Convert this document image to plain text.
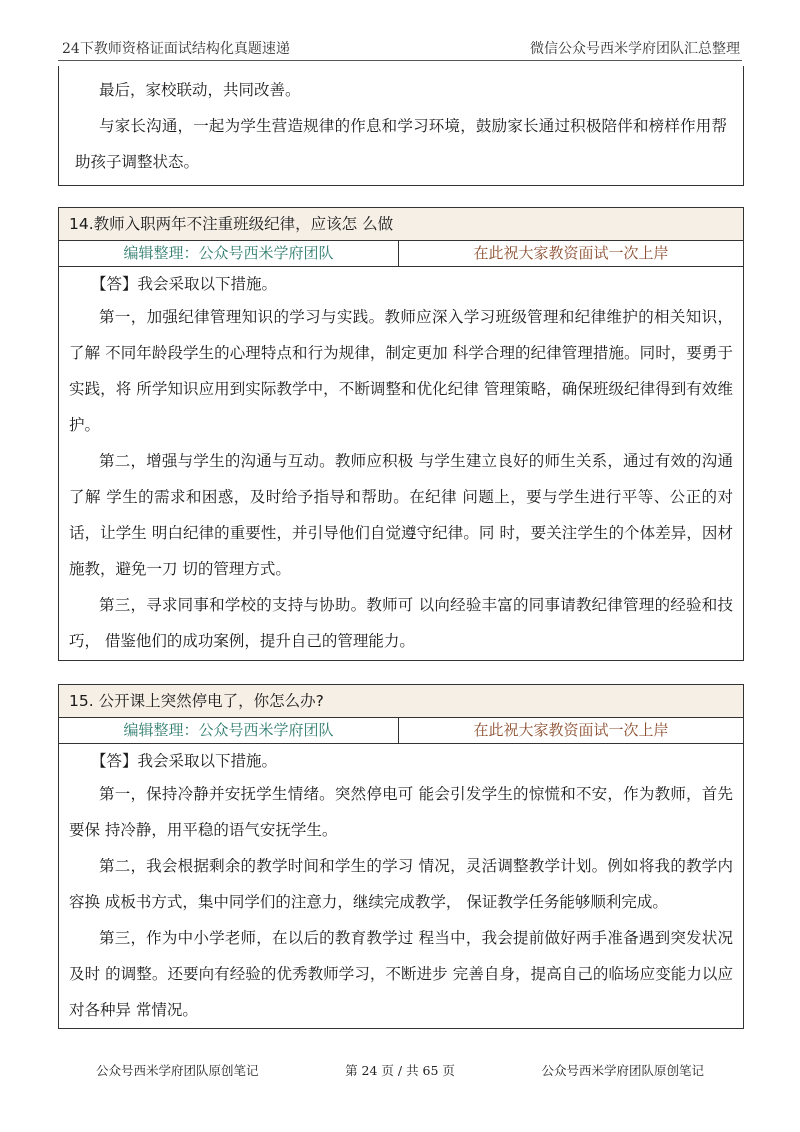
24下教师资格证面试结构化真题速递	微信公众号西米学府团队汇总整理

最后，家校联动，共同改善。

与家长沟通，一起为学生营造规律的作息和学习环境，鼓励家长通过积极陪伴和榜样作用帮助孩子调整状态。

14.教师入职两年不注重班级纪律，应该怎 么做
编辑整理：公众号西米学府团队	在此祝大家教资面试一次上岸

【答】我会采取以下措施。

第一，加强纪律管理知识的学习与实践。教师应深入学习班级管理和纪律维护的相关知识，了解 不同年龄段学生的心理特点和行为规律，制定更加 科学合理的纪律管理措施。同时，要勇于实践，将 所学知识应用到实际教学中，不断调整和优化纪律 管理策略，确保班级纪律得到有效维护。

第二，增强与学生的沟通与互动。教师应积极 与学生建立良好的师生关系，通过有效的沟通了解 学生的需求和困惑，及时给予指导和帮助。在纪律 问题上，要与学生进行平等、公正的对话，让学生 明白纪律的重要性，并引导他们自觉遵守纪律。同 时，要关注学生的个体差异，因材施教，避免一刀 切的管理方式。

第三，寻求同事和学校的支持与协助。教师可 以向经验丰富的同事请教纪律管理的经验和技巧， 借鉴他们的成功案例，提升自己的管理能力。

15. 公开课上突然停电了，你怎么办?
编辑整理：公众号西米学府团队	在此祝大家教资面试一次上岸

【答】我会采取以下措施。

第一，保持冷静并安抚学生情绪。突然停电可 能会引发学生的惊慌和不安，作为教师，首先要保 持冷静，用平稳的语气安抚学生。

第二，我会根据剩余的教学时间和学生的学习 情况，灵活调整教学计划。例如将我的教学内容换 成板书方式，集中同学们的注意力，继续完成教学， 保证教学任务能够顺利完成。

第三，作为中小学老师，在以后的教育教学过 程当中，我会提前做好两手准备遇到突发状况及时 的调整。还要向有经验的优秀教师学习，不断进步 完善自身，提高自己的临场应变能力以应对各种异 常情况。

公众号西米学府团队原创笔记	第 24 页 / 共 65 页	公众号西米学府团队原创笔记
